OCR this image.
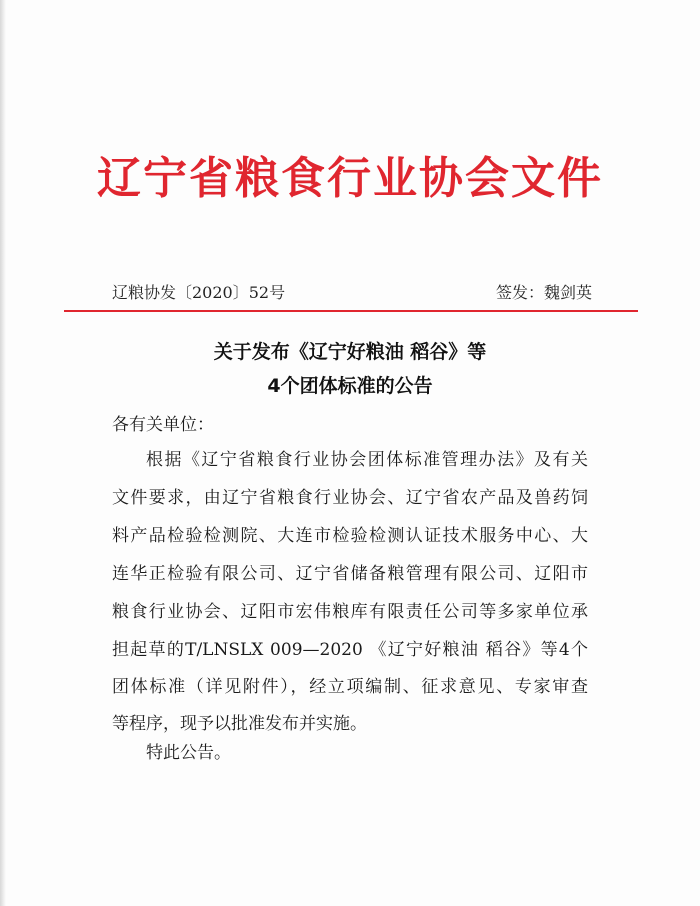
辽宁省粮食行业协会文件
辽粮协发〔2020〕52号	签发：魏剑英
关于发布《辽宁好粮油 稻谷》等
4个团体标准的公告
各有关单位：
根据《辽宁省粮食行业协会团体标准管理办法》及有关
文件要求，由辽宁省粮食行业协会、辽宁省农产品及兽药饲
料产品检验检测院、大连市检验检测认证技术服务中心、大
连华正检验有限公司、辽宁省储备粮管理有限公司、辽阳市
粮食行业协会、辽阳市宏伟粮库有限责任公司等多家单位承
担起草的T/LNSLX 009—2020 《辽宁好粮油 稻谷》等4个
团体标准（详见附件），经立项编制、征求意见、专家审查
等程序，现予以批准发布并实施。
特此公告。
